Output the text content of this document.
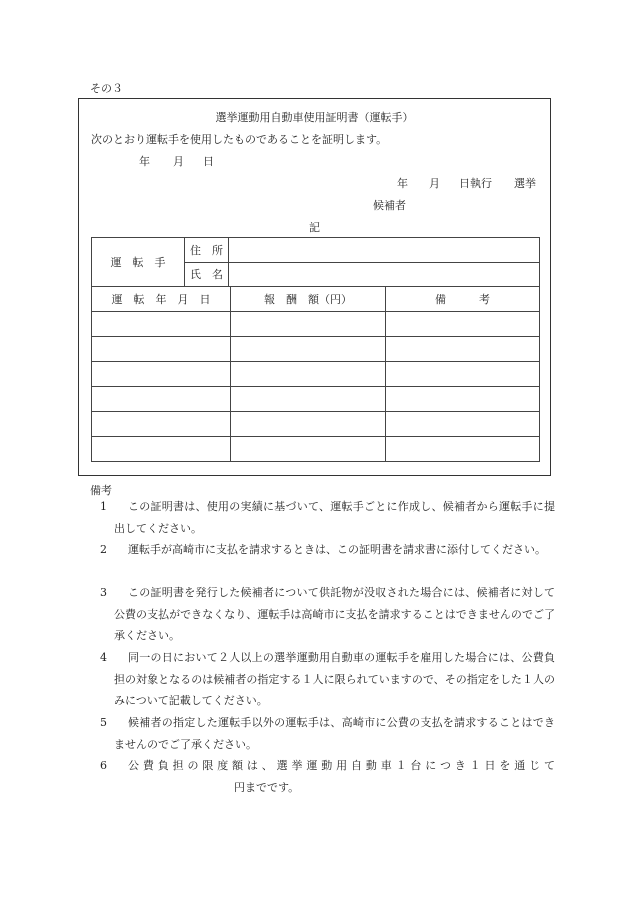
その３
選挙運動用自動車使用証明書（運転手）
次のとおり運転手を使用したものであることを証明します。
年 月 日
年 月 日執行 選挙
候補者
記
運　転　手	住　所	
	氏　名	
運　転　年　月　日	報　酬　額（円）	備　　　考

備考
1	この証明書は、使用の実績に基づいて、運転手ごとに作成し、候補者から運転手に提出してください。
2	運転手が高崎市に支払を請求するときは、この証明書を請求書に添付してください。
3	この証明書を発行した候補者について供託物が没収された場合には、候補者に対して公費の支払ができなくなり、運転手は高崎市に支払を請求することはできませんのでご了承ください。
4	同一の日において２人以上の選挙運動用自動車の運転手を雇用した場合には、公費負担の対象となるのは候補者の指定する１人に限られていますので、その指定をした１人のみについて記載してください。
5	候補者の指定した運転手以外の運転手は、高崎市に公費の支払を請求することはできませんのでご了承ください。
6	公費負担の限度額は、選挙運動用自動車１台につき１日を通じて円までです。
